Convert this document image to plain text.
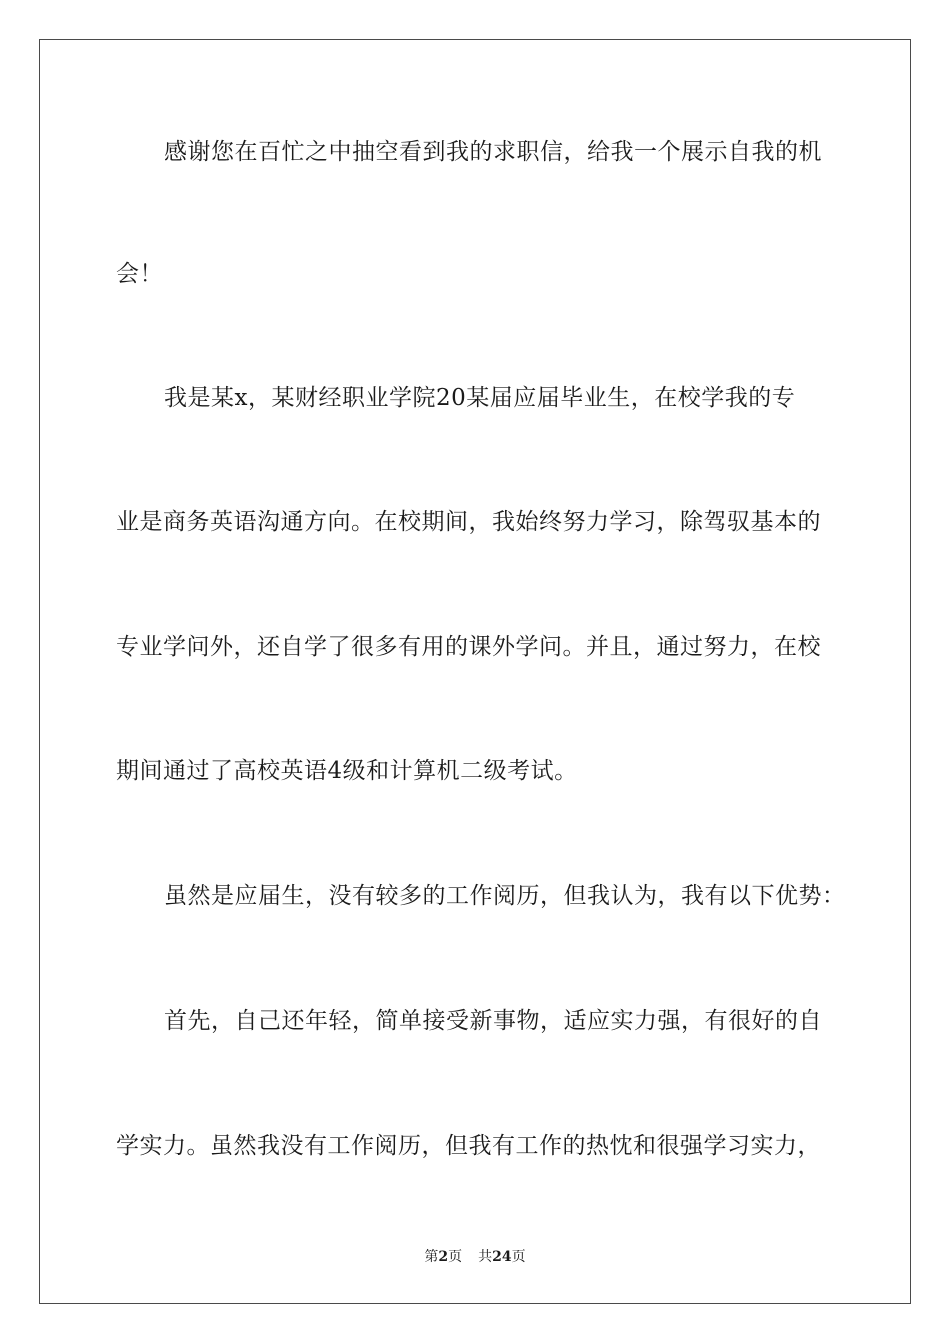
感谢您在百忙之中抽空看到我的求职信，给我一个展示自我的机
会！
我是某x，某财经职业学院20某届应届毕业生，在校学我的专
业是商务英语沟通方向。在校期间，我始终努力学习，除驾驭基本的
专业学问外，还自学了很多有用的课外学问。并且，通过努力，在校
期间通过了高校英语4级和计算机二级考试。
虽然是应届生，没有较多的工作阅历，但我认为，我有以下优势：
首先，自己还年轻，简单接受新事物，适应实力强，有很好的自
学实力。虽然我没有工作阅历，但我有工作的热忱和很强学习实力，
第2页 共24页
